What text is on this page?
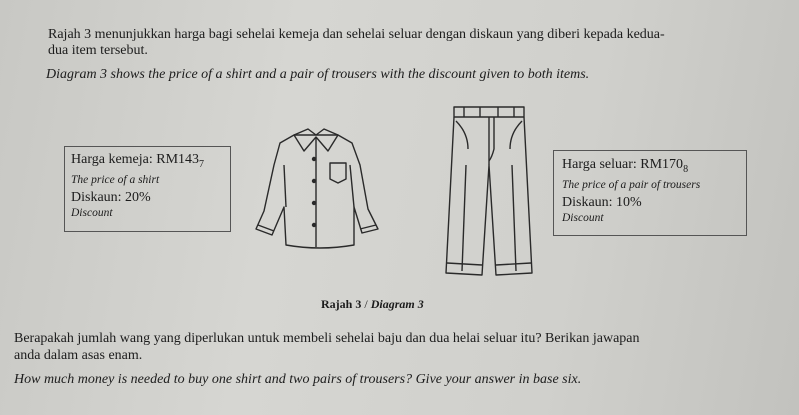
Rajah 3 menunjukkan harga bagi sehelai kemeja dan sehelai seluar dengan diskaun yang diberi kepada kedua-
dua item tersebut.
Diagram 3 shows the price of a shirt and a pair of trousers with the discount given to both items.
Harga kemeja: $RM143_7$
The price of a shirt
Diskaun: 20%
Discount
Harga seluar: $RM170_8$
The price of a pair of trousers
Diskaun: 10%
Discount
Rajah 3 / Diagram 3
Berapakah jumlah wang yang diperlukan untuk membeli sehelai baju dan dua helai seluar itu? Berikan jawapan
anda dalam asas enam.
How much money is needed to buy one shirt and two pairs of trousers? Give your answer in base six.
